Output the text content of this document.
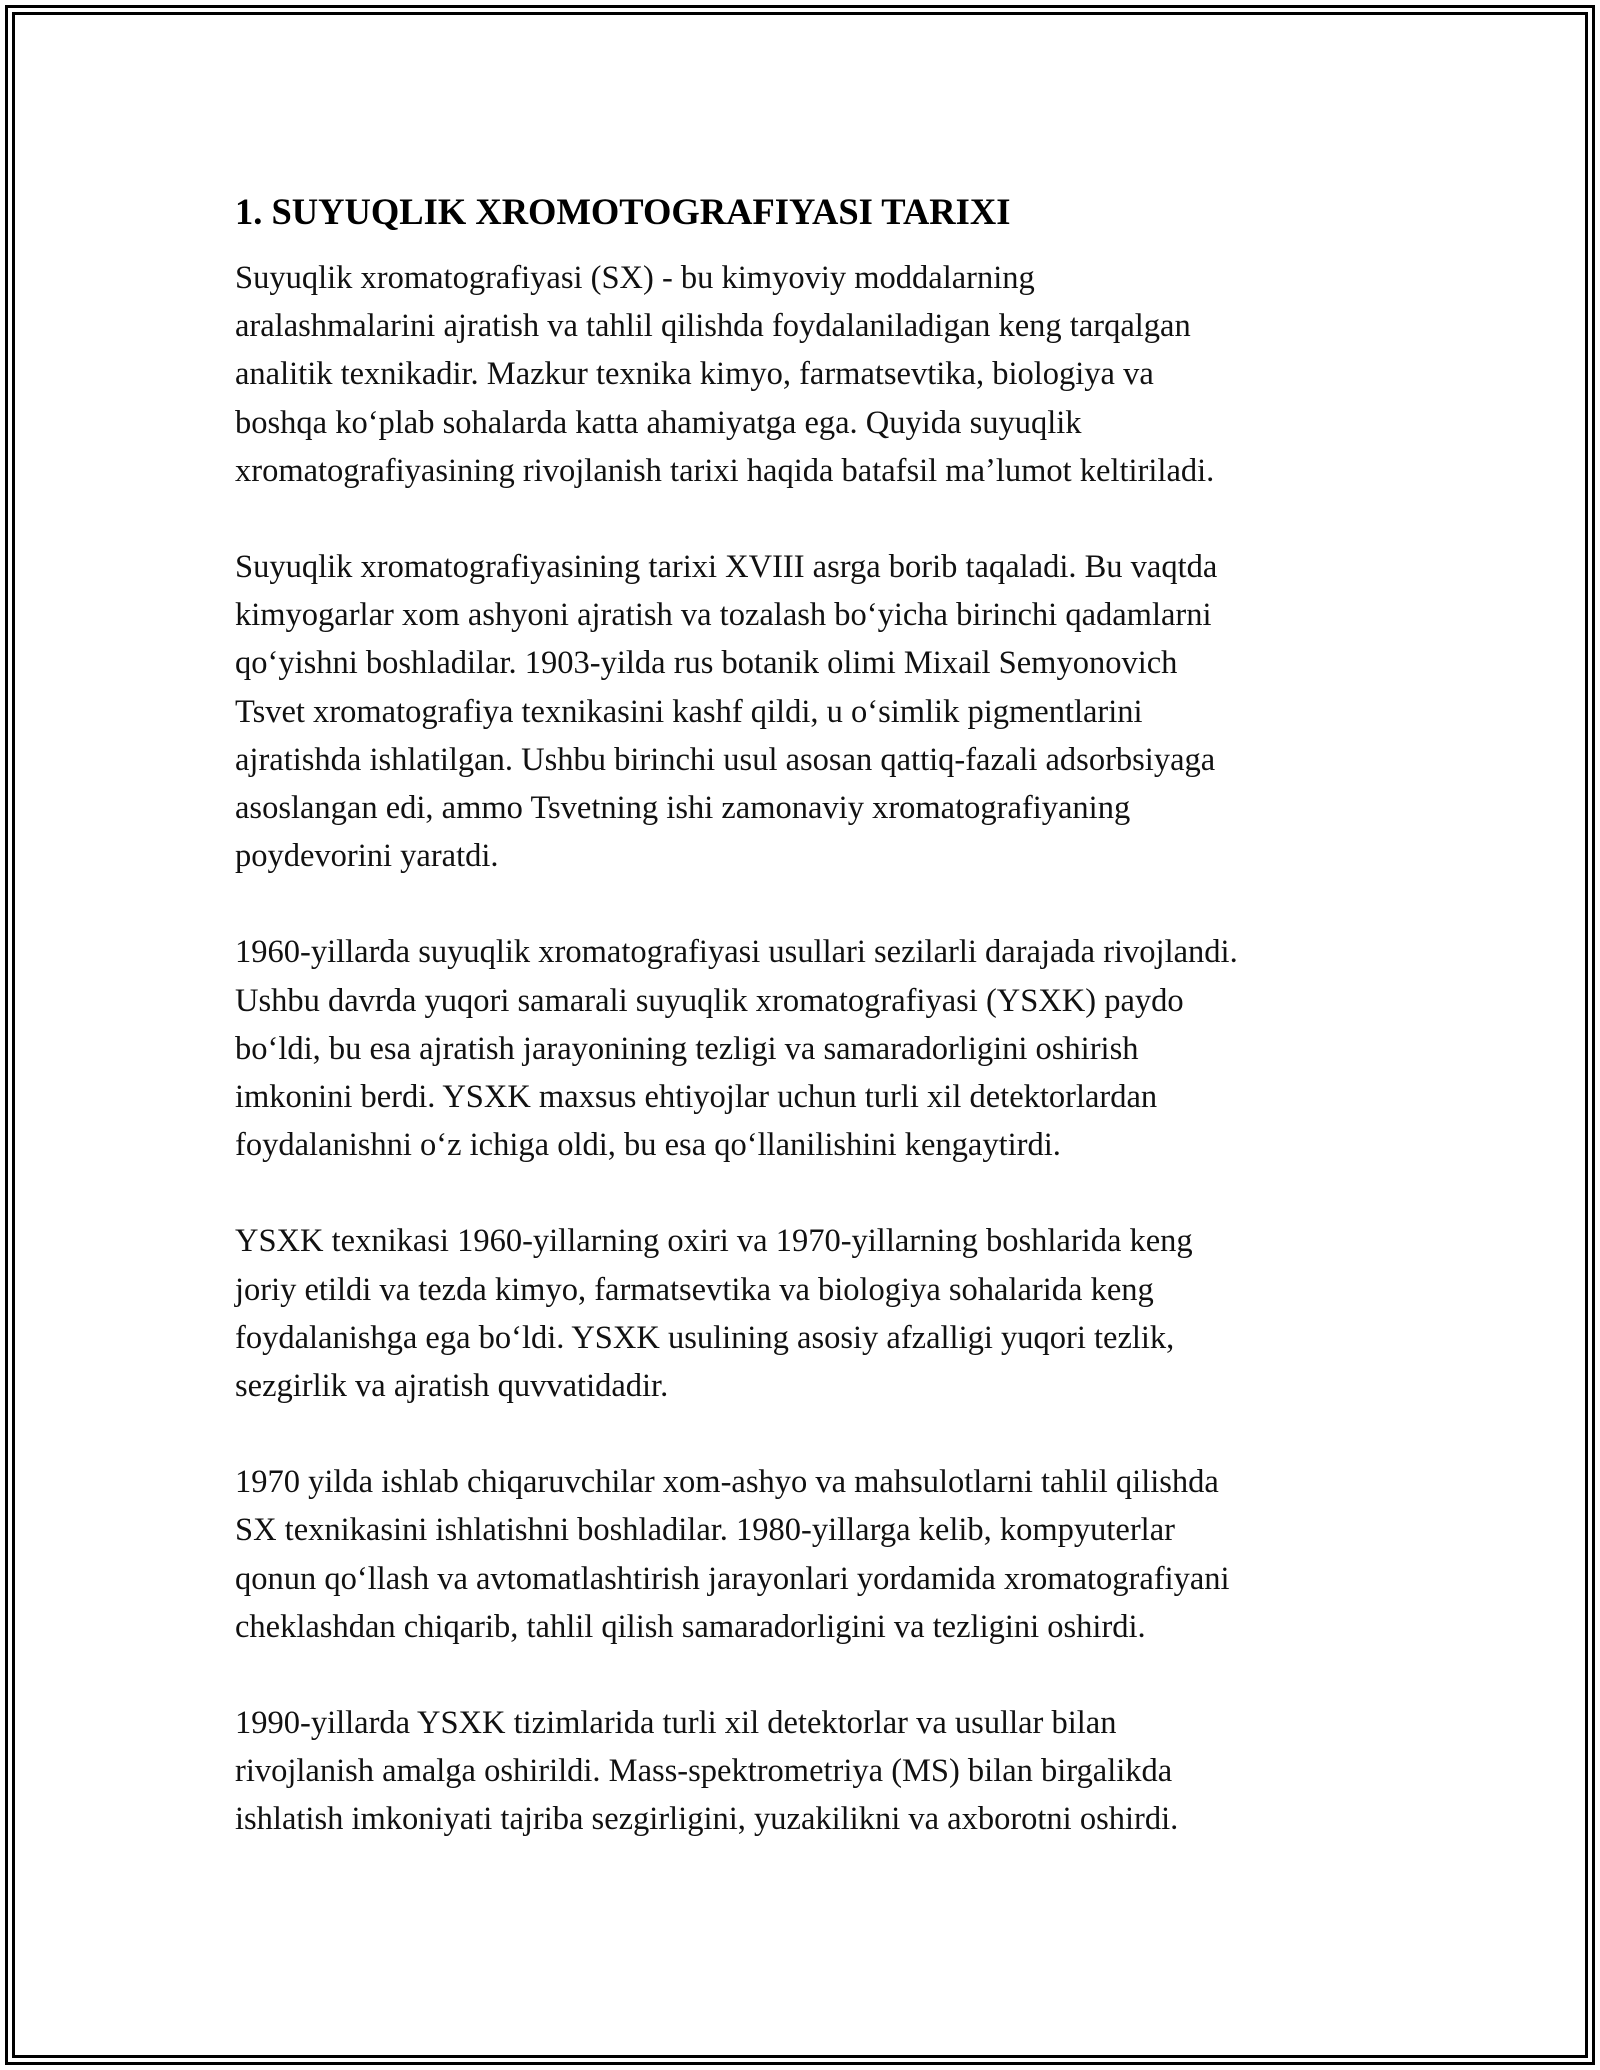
1. SUYUQLIK XROMOTOGRAFIYASI TARIXI

Suyuqlik xromatografiyasi (SX) - bu kimyoviy moddalarning
aralashmalarini ajratish va tahlil qilishda foydalaniladigan keng tarqalgan
analitik texnikadir. Mazkur texnika kimyo, farmatsevtika, biologiya va
boshqa koʻplab sohalarda katta ahamiyatga ega. Quyida suyuqlik
xromatografiyasining rivojlanish tarixi haqida batafsil maʼlumot keltiriladi.

Suyuqlik xromatografiyasining tarixi XVIII asrga borib taqaladi. Bu vaqtda
kimyogarlar xom ashyoni ajratish va tozalash boʻyicha birinchi qadamlarni
qoʻyishni boshladilar. 1903-yilda rus botanik olimi Mixail Semyonovich
Tsvet xromatografiya texnikasini kashf qildi, u oʻsimlik pigmentlarini
ajratishda ishlatilgan. Ushbu birinchi usul asosan qattiq-fazali adsorbsiyaga
asoslangan edi, ammo Tsvetning ishi zamonaviy xromatografiyaning
poydevorini yaratdi.

1960-yillarda suyuqlik xromatografiyasi usullari sezilarli darajada rivojlandi.
Ushbu davrda yuqori samarali suyuqlik xromatografiyasi (YSXK) paydo
boʻldi, bu esa ajratish jarayonining tezligi va samaradorligini oshirish
imkonini berdi. YSXK maxsus ehtiyojlar uchun turli xil detektorlardan
foydalanishni oʻz ichiga oldi, bu esa qoʻllanilishini kengaytirdi.

YSXK texnikasi 1960-yillarning oxiri va 1970-yillarning boshlarida keng
joriy etildi va tezda kimyo, farmatsevtika va biologiya sohalarida keng
foydalanishga ega boʻldi. YSXK usulining asosiy afzalligi yuqori tezlik,
sezgirlik va ajratish quvvatidadir.

1970 yilda ishlab chiqaruvchilar xom-ashyo va mahsulotlarni tahlil qilishda
SX texnikasini ishlatishni boshladilar. 1980-yillarga kelib, kompyuterlar
qonun qoʻllash va avtomatlashtirish jarayonlari yordamida xromatografiyani
cheklashdan chiqarib, tahlil qilish samaradorligini va tezligini oshirdi.

1990-yillarda YSXK tizimlarida turli xil detektorlar va usullar bilan
rivojlanish amalga oshirildi. Mass-spektrometriya (MS) bilan birgalikda
ishlatish imkoniyati tajriba sezgirligini, yuzakilikni va axborotni oshirdi.
